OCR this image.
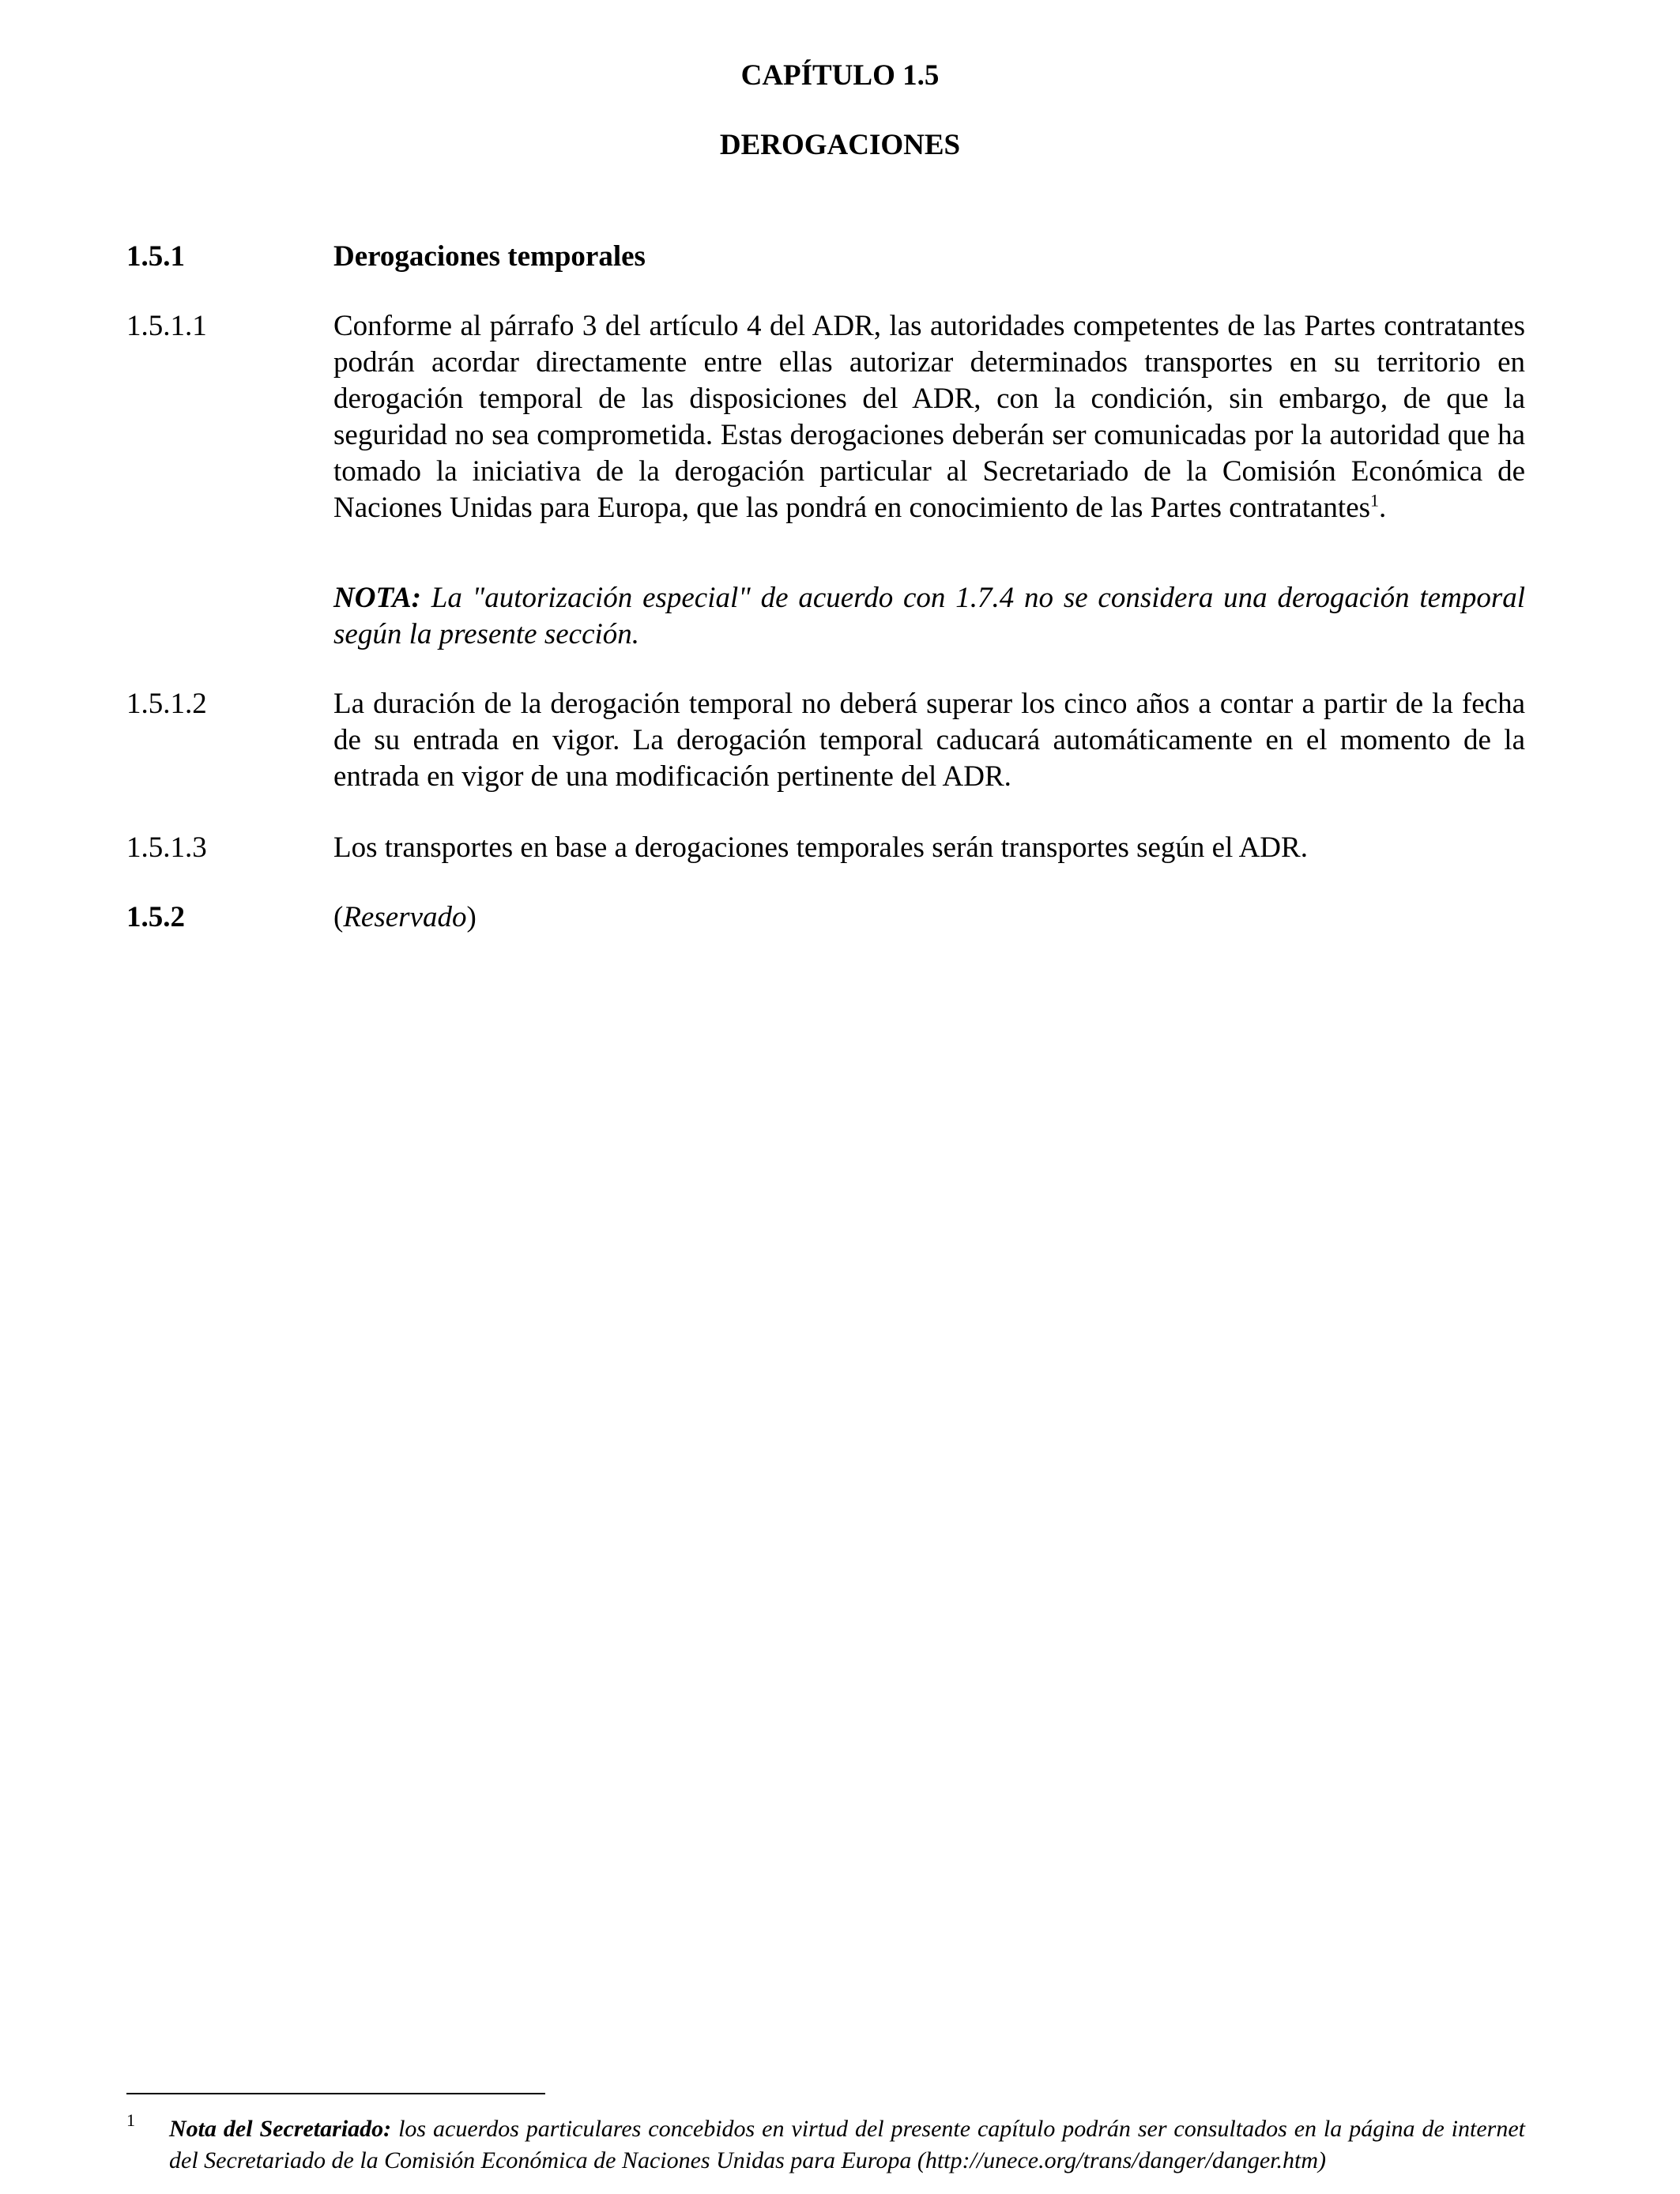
CAPÍTULO 1.5
DEROGACIONES
1.5.1	Derogaciones temporales
1.5.1.1	Conforme al párrafo 3 del artículo 4 del ADR, las autoridades competentes de las Partes contratantes podrán acordar directamente entre ellas autorizar determinados transportes en su territorio en derogación temporal de las disposiciones del ADR, con la condición, sin embargo, de que la seguridad no sea comprometida. Estas derogaciones deberán ser comunicadas por la autoridad que ha tomado la iniciativa de la derogación particular al Secretariado de la Comisión Económica de Naciones Unidas para Europa, que las pondrá en conocimiento de las Partes contratantes$^1$.
NOTA: La "autorización especial" de acuerdo con 1.7.4 no se considera una derogación temporal según la presente sección.
1.5.1.2	La duración de la derogación temporal no deberá superar los cinco años a contar a partir de la fecha de su entrada en vigor. La derogación temporal caducará automáticamente en el momento de la entrada en vigor de una modificación pertinente del ADR.
1.5.1.3	Los transportes en base a derogaciones temporales serán transportes según el ADR.
1.5.2	(Reservado)
1 Nota del Secretariado: los acuerdos particulares concebidos en virtud del presente capítulo podrán ser consultados en la página de internet del Secretariado de la Comisión Económica de Naciones Unidas para Europa (http://unece.org/trans/danger/danger.htm)
